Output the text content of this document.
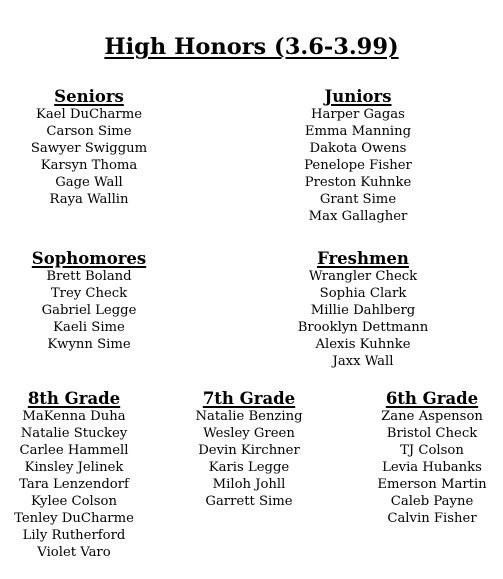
High Honors (3.6-3.99)
Seniors
Kael DuCharme
Carson Sime
Sawyer Swiggum
Karsyn Thoma
Gage Wall
Raya Wallin
Juniors
Harper Gagas
Emma Manning
Dakota Owens
Penelope Fisher
Preston Kuhnke
Grant Sime
Max Gallagher
Sophomores
Brett Boland
Trey Check
Gabriel Legge
Kaeli Sime
Kwynn Sime
Freshmen
Wrangler Check
Sophia Clark
Millie Dahlberg
Brooklyn Dettmann
Alexis Kuhnke
Jaxx Wall
8th Grade
MaKenna Duha
Natalie Stuckey
Carlee Hammell
Kinsley Jelinek
Tara Lenzendorf
Kylee Colson
Tenley DuCharme
Lily Rutherford
Violet Varo
7th Grade
Natalie Benzing
Wesley Green
Devin Kirchner
Karis Legge
Miloh Johll
Garrett Sime
6th Grade
Zane Aspenson
Bristol Check
TJ Colson
Levia Hubanks
Emerson Martin
Caleb Payne
Calvin Fisher
